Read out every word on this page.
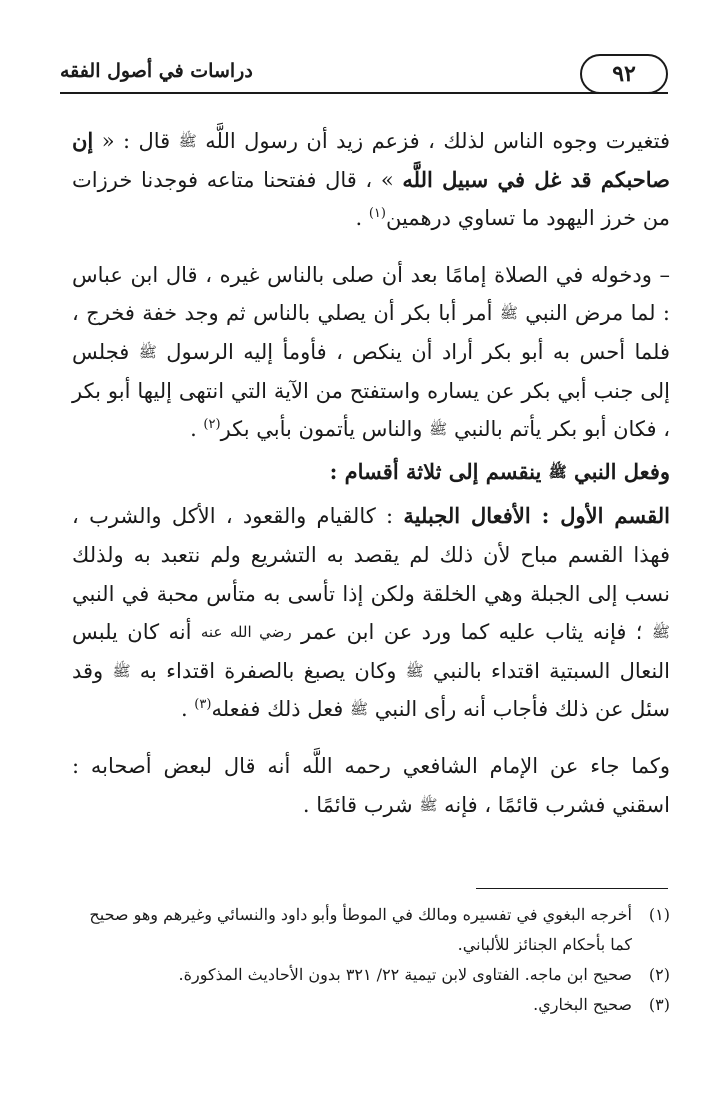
٩٢
دراسات في أصول الفقه

فتغيرت وجوه الناس لذلك ، فزعم زيد أن رسول اللَّه ﷺ قال : « إن صاحبكم قد غل في سبيل اللَّه » ، قال ففتحنا متاعه فوجدنا خرزات من خرز اليهود ما تساوي درهمين$^{(١)}$ .

– ودخوله في الصلاة إمامًا بعد أن صلى بالناس غيره ، قال ابن عباس : لما مرض النبي ﷺ أمر أبا بكر أن يصلي بالناس ثم وجد خفة فخرج ، فلما أحس به أبو بكر أراد أن ينكص ، فأومأ إليه الرسول ﷺ فجلس إلى جنب أبي بكر عن يساره واستفتح من الآية التي انتهى إليها أبو بكر ، فكان أبو بكر يأتم بالنبي ﷺ والناس يأتمون بأبي بكر$^{(٢)}$ .

وفعل النبي ﷺ ينقسم إلى ثلاثة أقسام :

القسم الأول : الأفعال الجبلية : كالقيام والقعود ، الأكل والشرب ، فهذا القسم مباح لأن ذلك لم يقصد به التشريع ولم نتعبد به ولذلك نسب إلى الجبلة وهي الخلقة ولكن إذا تأسى به متأس محبة في النبي ﷺ ؛ فإنه يثاب عليه كما ورد عن ابن عمر رضي الله عنه أنه كان يلبس النعال السبتية اقتداء بالنبي ﷺ وكان يصبغ بالصفرة اقتداء به ﷺ وقد سئل عن ذلك فأجاب أنه رأى النبي ﷺ فعل ذلك ففعله$^{(٣)}$ .

وكما جاء عن الإمام الشافعي رحمه اللَّه أنه قال لبعض أصحابه : اسقني فشرب قائمًا ، فإنه ﷺ شرب قائمًا .

(١)
أخرجه البغوي في تفسيره ومالك في الموطأ وأبو داود والنسائي وغيرهم وهو صحيح كما بأحكام الجنائز للألباني.
(٢)
صحيح ابن ماجه. الفتاوى لابن تيمية ٢٢/ ٣٢١ بدون الأحاديث المذكورة.
(٣)
صحيح البخاري.
